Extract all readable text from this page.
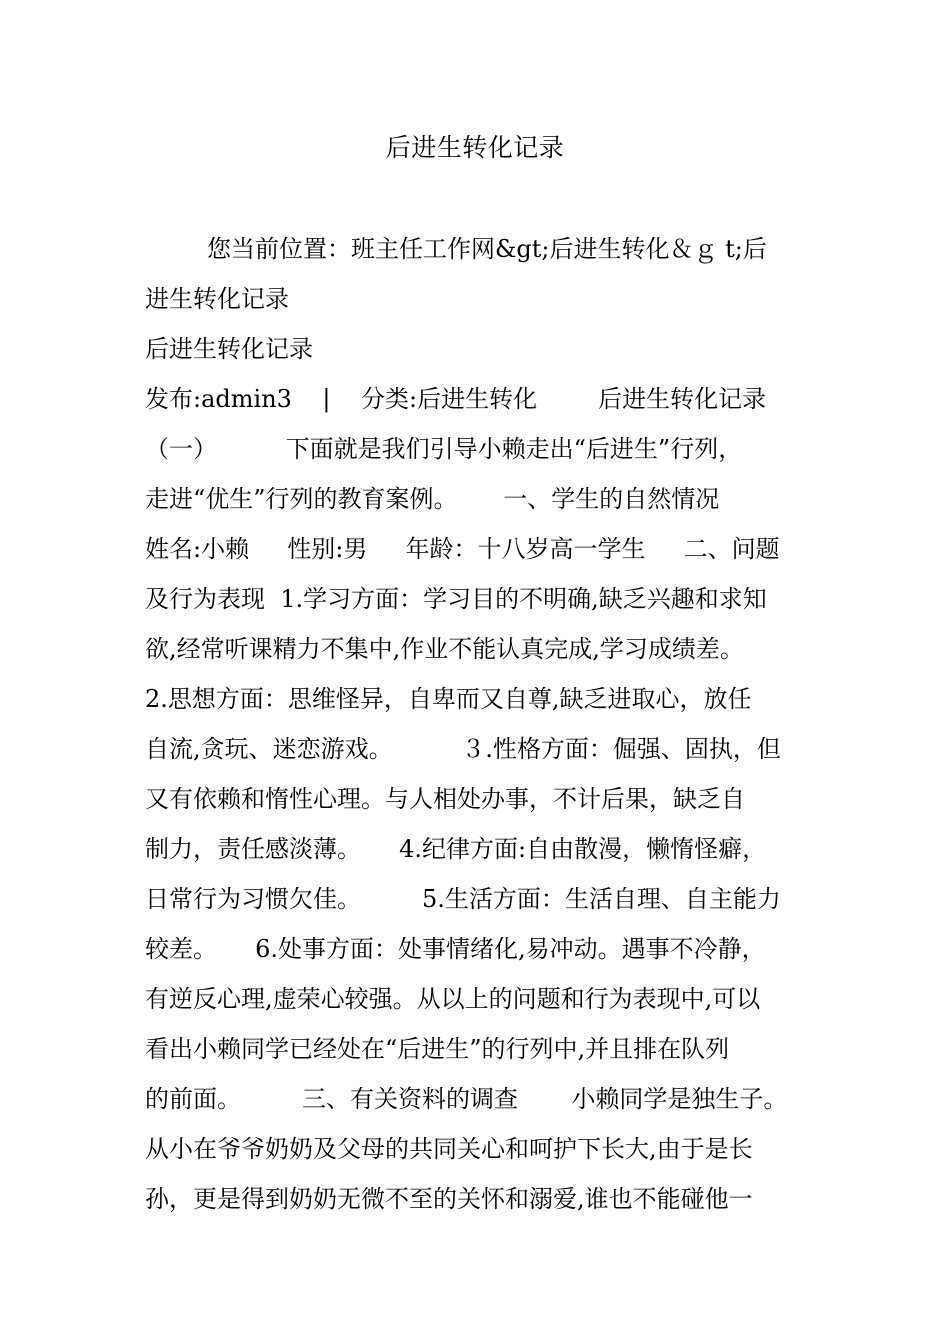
后进生转化记录
您当前位置：班主任工作网&gt;后进生转化＆ｇ t;后
进生转化记录
后进生转化记录
发布:admin3    |    分类:后进生转化        后进生转化记录
（一）         下面就是我们引导小赖走出“后进生”行列，
走进“优生”行列的教育案例。      一、学生的自然情况
姓名:小赖     性别:男     年龄：十八岁高一学生     二、问题
及行为表现  1.学习方面：学习目的不明确,缺乏兴趣和求知
欲,经常听课精力不集中,作业不能认真完成,学习成绩差。
2.思想方面：思维怪异，自卑而又自尊,缺乏进取心，放任
自流,贪玩、迷恋游戏。         ３.性格方面：倔强、固执，但
又有依赖和惰性心理。与人相处办事，不计后果，缺乏自
制力，责任感淡薄。     4.纪律方面:自由散漫，懒惰怪癖，
日常行为习惯欠佳。        5.生活方面：生活自理、自主能力
较差。     6.处事方面：处事情绪化,易冲动。遇事不冷静，
有逆反心理,虚荣心较强。从以上的问题和行为表现中,可以
看出小赖同学已经处在“后进生”的行列中,并且排在队列
的前面。        三、有关资料的调查       小赖同学是独生子。
从小在爷爷奶奶及父母的共同关心和呵护下长大,由于是长
孙，更是得到奶奶无微不至的关怀和溺爱,谁也不能碰他一
